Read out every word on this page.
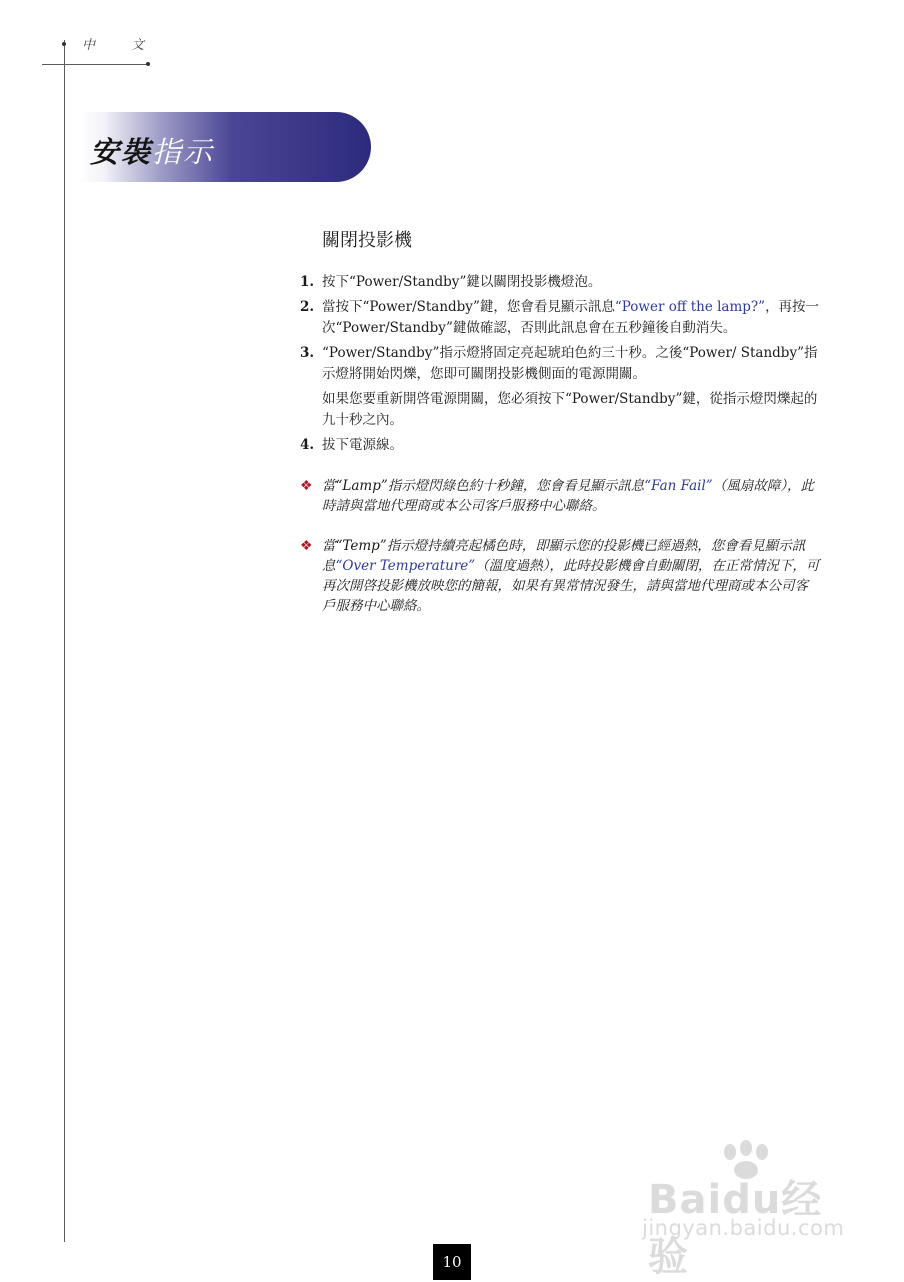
中 文
安裝指示
關閉投影機
1. 按下“Power/Standby”鍵以關閉投影機燈泡。
2. 當按下“Power/Standby”鍵，您會看見顯示訊息“Power off the lamp?”，再按一次“Power/Standby”鍵做確認，否則此訊息會在五秒鐘後自動消失。
3. “Power/Standby”指示燈將固定亮起琥珀色約三十秒。之後“Power/ Standby”指示燈將開始閃爍，您即可關閉投影機側面的電源開關。
如果您要重新開啓電源開關，您必須按下“Power/Standby”鍵，從指示燈閃爍起的九十秒之內。
4. 拔下電源線。
❖ 當“Lamp”指示燈閃綠色約十秒鐘，您會看見顯示訊息“Fan Fail”（風扇故障），此時請與當地代理商或本公司客戶服務中心聯絡。
❖ 當“Temp”指示燈持續亮起橘色時，即顯示您的投影機已經過熱，您會看見顯示訊息“Over Temperature”（溫度過熱），此時投影機會自動關閉，在正常情況下，可再次開啓投影機放映您的簡報，如果有異常情況發生，請與當地代理商或本公司客戶服務中心聯絡。
Baidu经验
jingyan.baidu.com
10
